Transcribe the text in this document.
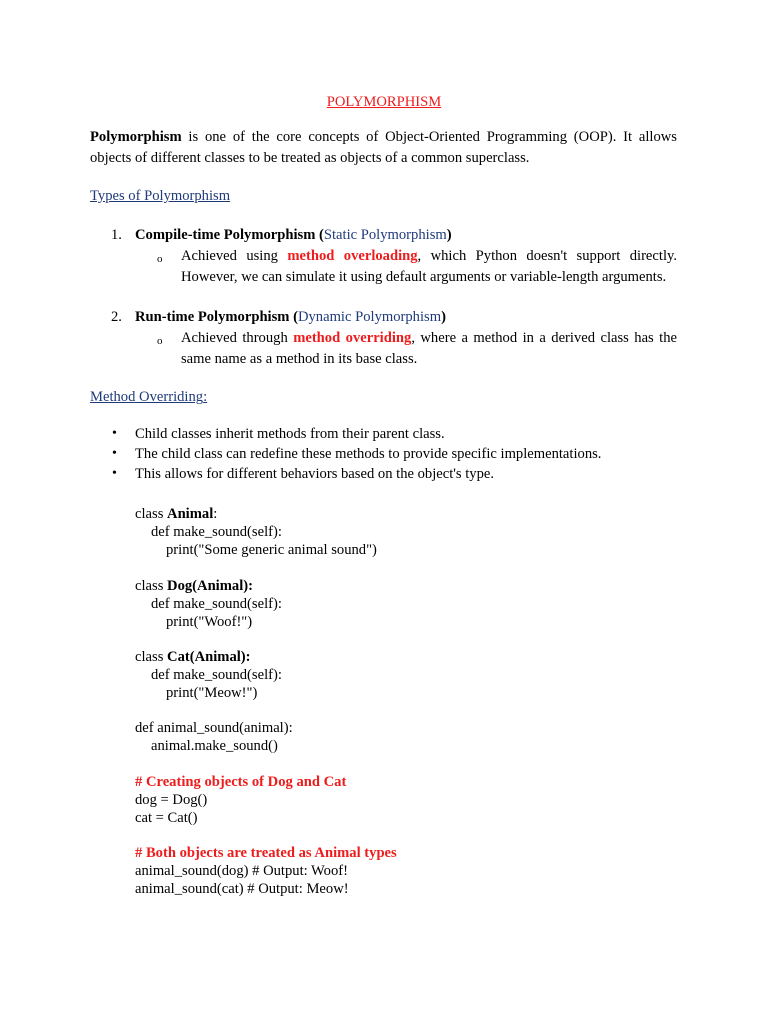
POLYMORPHISM
Polymorphism is one of the core concepts of Object-Oriented Programming (OOP). It allows objects of different classes to be treated as objects of a common superclass.
Types of Polymorphism
1. Compile-time Polymorphism (Static Polymorphism)
o Achieved using method overloading, which Python doesn't support directly. However, we can simulate it using default arguments or variable-length arguments.
2. Run-time Polymorphism (Dynamic Polymorphism)
o Achieved through method overriding, where a method in a derived class has the same name as a method in its base class.
Method Overriding:
• Child classes inherit methods from their parent class.
• The child class can redefine these methods to provide specific implementations.
• This allows for different behaviors based on the object's type.
class Animal:
def make_sound(self):
print("Some generic animal sound")
class Dog(Animal):
def make_sound(self):
print("Woof!")
class Cat(Animal):
def make_sound(self):
print("Meow!")
def animal_sound(animal):
animal.make_sound()
# Creating objects of Dog and Cat
dog = Dog()
cat = Cat()
# Both objects are treated as Animal types
animal_sound(dog) # Output: Woof!
animal_sound(cat) # Output: Meow!
